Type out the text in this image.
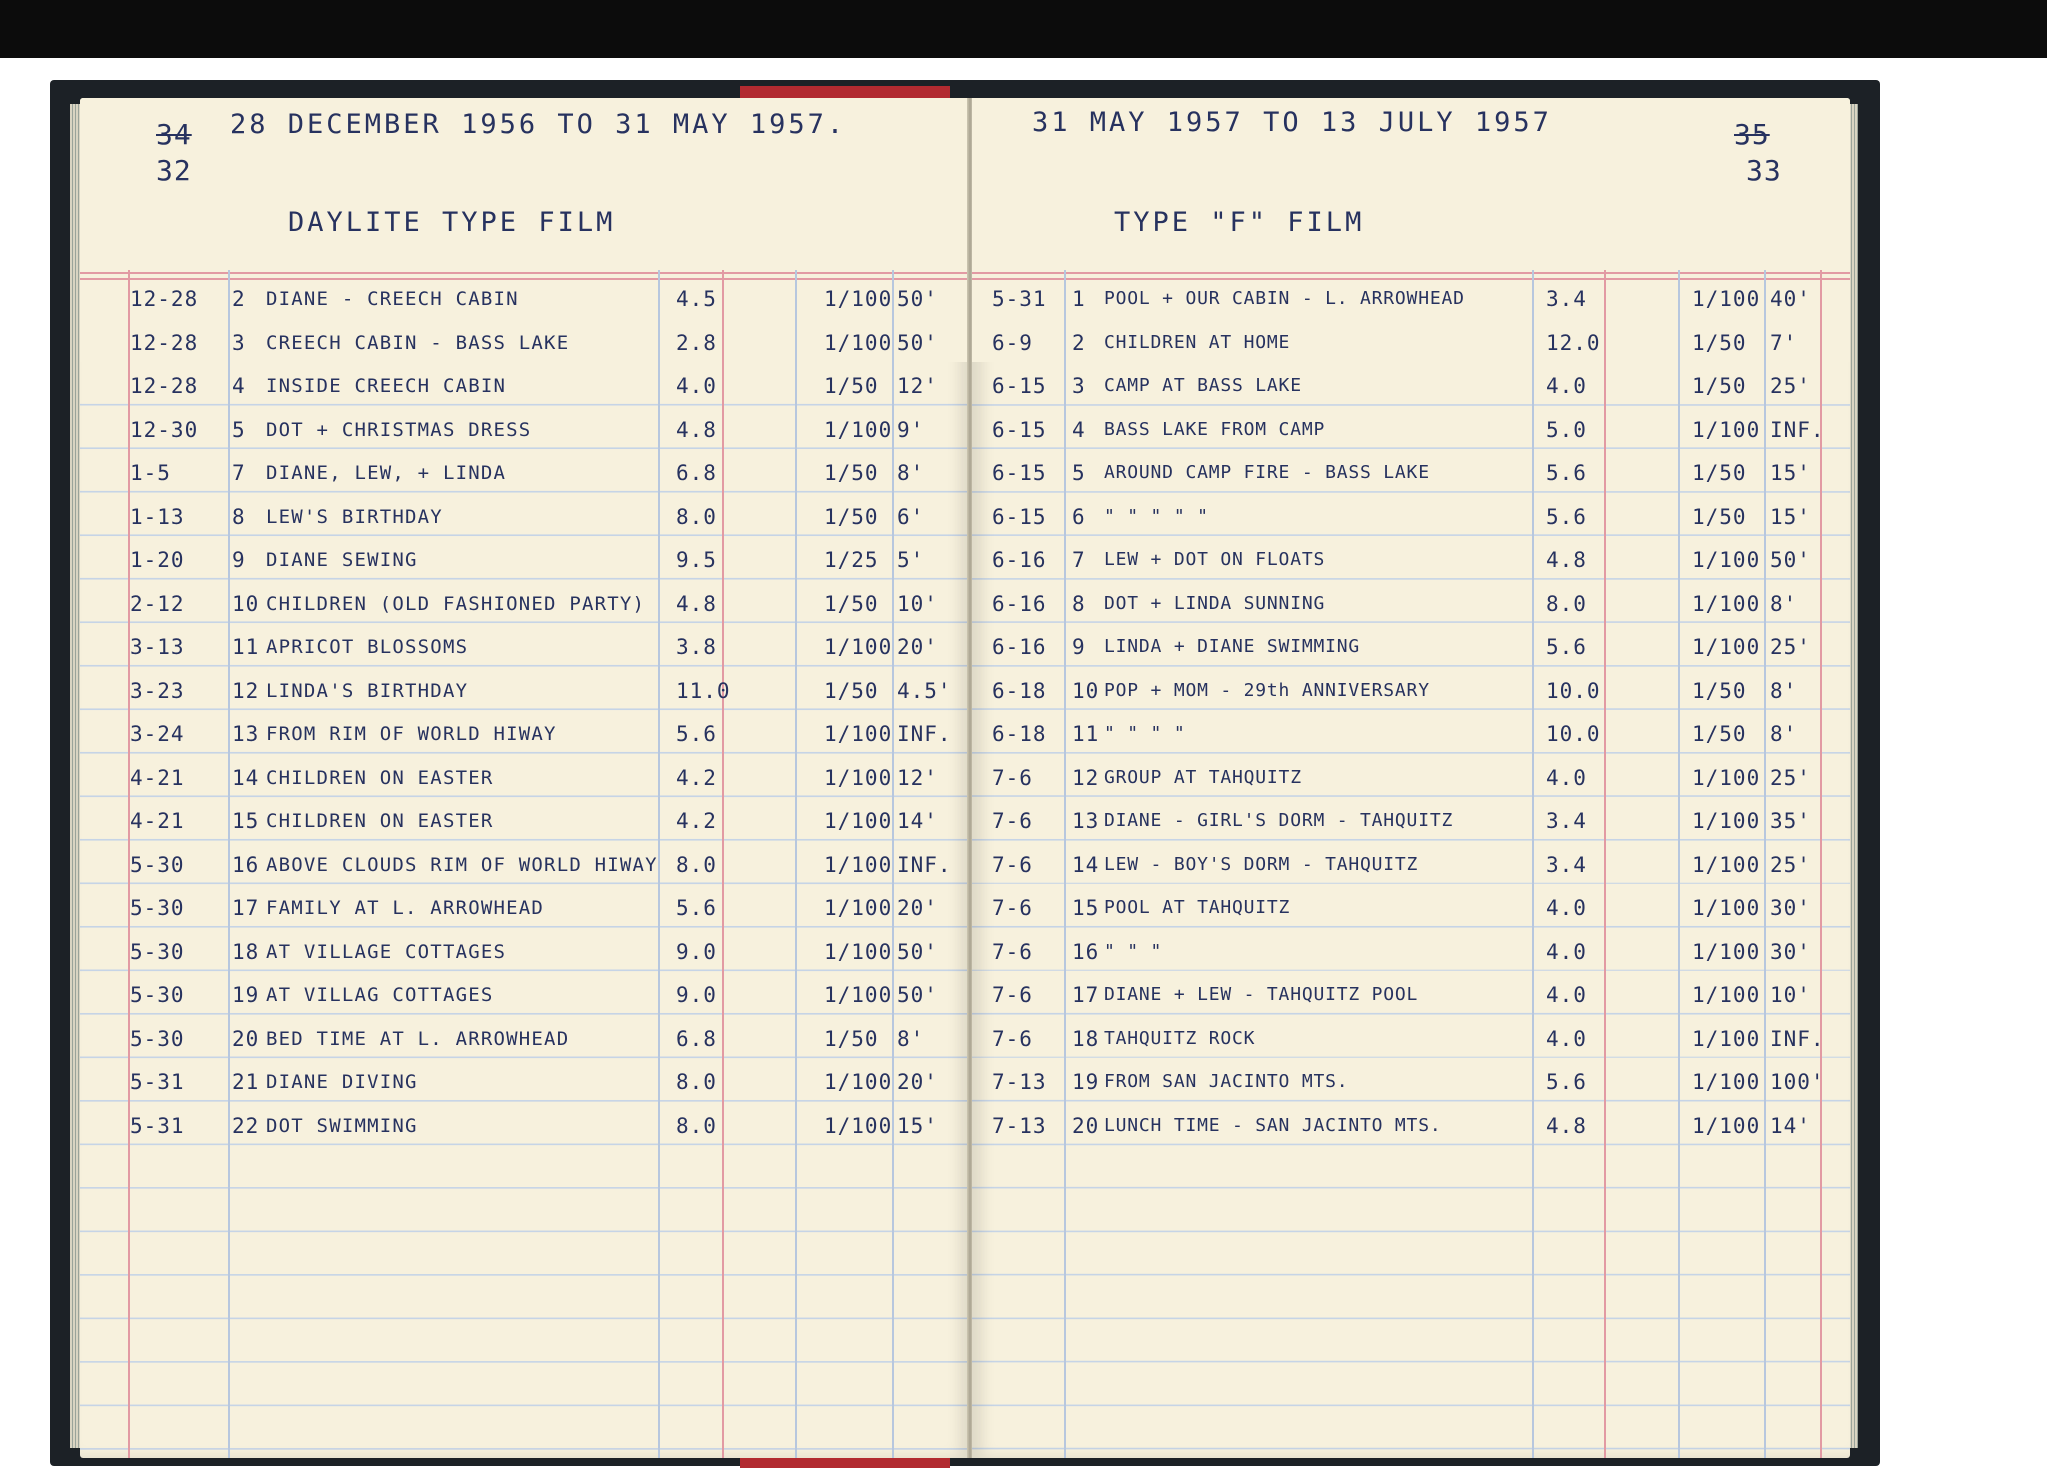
34
32
28 DECEMBER 1956 TO 31 MAY 1957.
DAYLITE TYPE FILM
12-28 2 DIANE - CREECH CABIN	4.5	1/100 50'
12-28 3 CREECH CABIN - BASS LAKE	2.8	1/100 50'
12-28 4 INSIDE CREECH CABIN	4.0	1/50 12'
12-30 5 DOT + CHRISTMAS DRESS	4.8	1/100 9'
1-5	7 DIANE, LEW, + LINDA	6.8	1/50 8'
1-13 8 LEW'S BIRTHDAY	8.0	1/50 6'
1-20 9 DIANE SEWING	9.5	1/25 5'
2-12 10 CHILDREN (OLD FASHIONED PARTY) 4.8	1/50 10'
3-13 11 APRICOT BLOSSOMS	3.8	1/100 20'
3-23 12 LINDA'S BIRTHDAY	11.0	1/50 4.5'
3-24 13 FROM RIM OF WORLD HIWAY	5.6	1/100 INF.
4-21 14 CHILDREN ON EASTER	4.2	1/100 12'
4-21 15 CHILDREN ON EASTER	4.2	1/100 14'
5-30 16 ABOVE CLOUDS RIM OF WORLD HIWAY 8.0	1/100 INF.
5-30 17 FAMILY AT L. ARROWHEAD	5.6	1/100 20'
5-30 18 AT VILLAGE COTTAGES	9.0	1/100 50'
5-30 19 AT VILLAG COTTAGES	9.0	1/100 50'
5-30 20 BED TIME AT L. ARROWHEAD	6.8	1/50 8'
5-31 21 DIANE DIVING	8.0	1/100 20'
5-31 22 DOT SWIMMING	8.0	1/100 15'
31 MAY 1957 TO 13 JULY 1957	35
33
TYPE "F" FILM
5-31 1 POOL + OUR CABIN - L. ARROWHEAD	3.4	1/100 40'
6-9 2 CHILDREN AT HOME	12.0	1/50 7'
6-15 3 CAMP AT BASS LAKE	4.0	1/50 25'
6-15 4 BASS LAKE FROM CAMP	5.0	1/100 INF.
6-15 5 AROUND CAMP FIRE - BASS LAKE	5.6	1/50 15'
6-15 6 " " " " "	5.6	1/50 15'
6-16 7 LEW + DOT ON FLOATS	4.8	1/100 50'
6-16 8 DOT + LINDA SUNNING	8.0	1/100 8'
6-16 9 LINDA + DIANE SWIMMING	5.6	1/100 25'
6-18 10 POP + MOM - 29th ANNIVERSARY	10.0	1/50 8'
6-18 11 " " " "	10.0	1/50 8'
7-6 12 GROUP AT TAHQUITZ	4.0	1/100 25'
7-6 13 DIANE - GIRL'S DORM - TAHQUITZ	3.4	1/100 35'
7-6 14 LEW - BOY'S DORM - TAHQUITZ	3.4	1/100 25'
7-6 15 POOL AT TAHQUITZ	4.0	1/100 30'
7-6 16 " " "	4.0	1/100 30'
7-6 17 DIANE + LEW - TAHQUITZ POOL	4.0	1/100 10'
7-6 18 TAHQUITZ ROCK	4.0	1/100 INF.
7-13 19 FROM SAN JACINTO MTS.	5.6	1/100 100'
7-13 20 LUNCH TIME - SAN JACINTO MTS.	4.8	1/100 14'
